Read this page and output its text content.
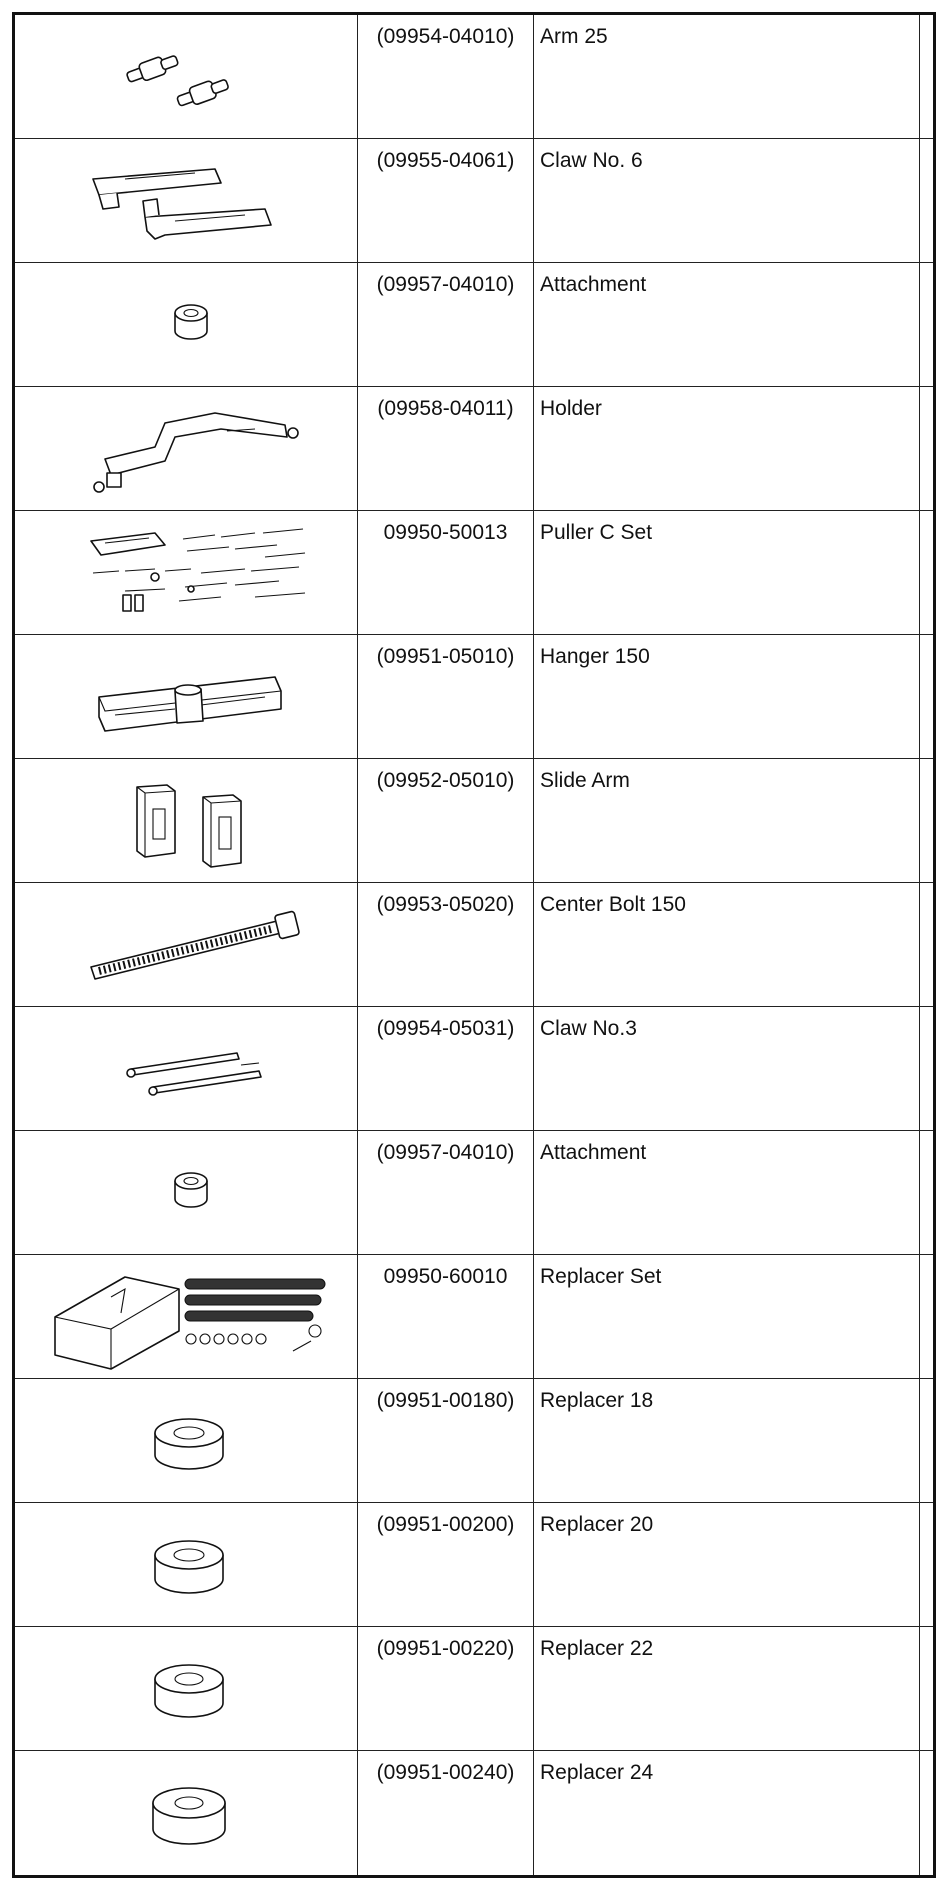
(09954-04010)	Arm 25
(09955-04061)	Claw No. 6
(09957-04010)	Attachment
(09958-04011)	Holder
09950-50013	Puller C Set
(09951-05010)	Hanger 150
(09952-05010)	Slide Arm
(09953-05020)	Center Bolt 150
(09954-05031)	Claw No.3
(09957-04010)	Attachment
09950-60010	Replacer Set
(09951-00180)	Replacer 18
(09951-00200)	Replacer 20
(09951-00220)	Replacer 22
(09951-00240)	Replacer 24
